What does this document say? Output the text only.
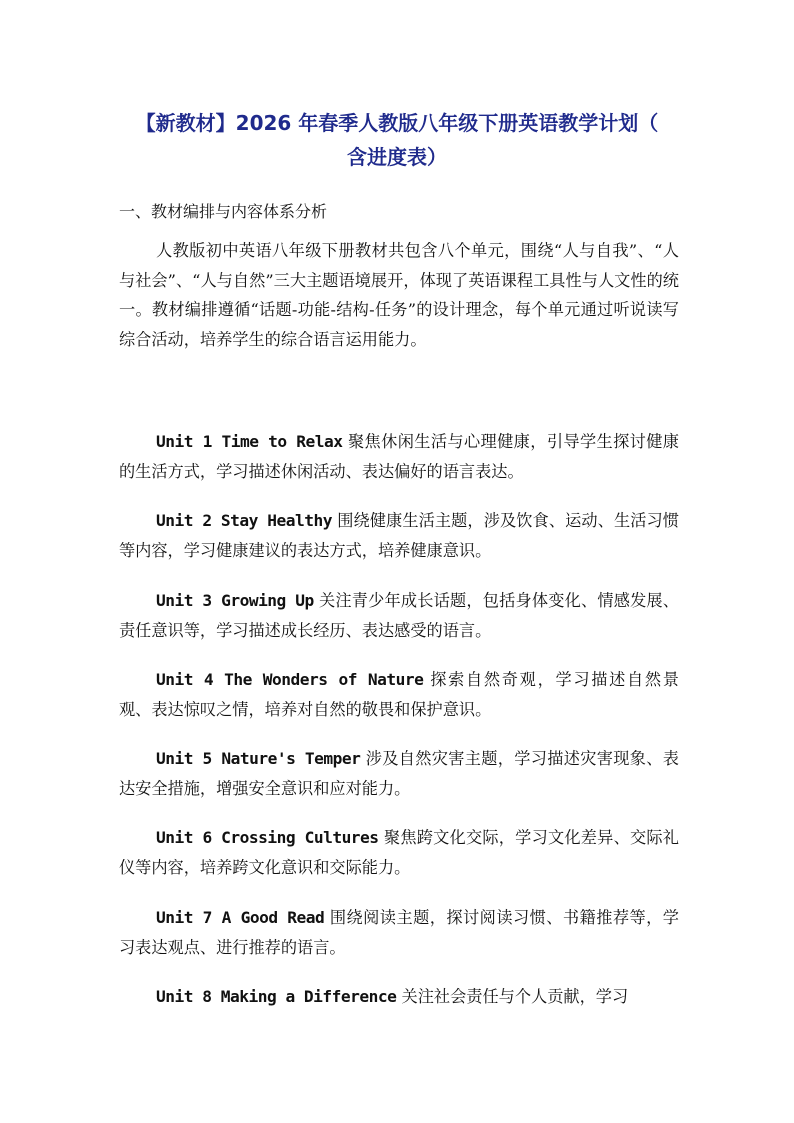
【新教材】2026 年春季人教版八年级下册英语教学计划（
含进度表）

一、教材编排与内容体系分析

人教版初中英语八年级下册教材共包含八个单元，围绕“人与自我”、“人与社会”、“人与自然”三大主题语境展开，体现了英语课程工具性与人文性的统一。教材编排遵循“话题-功能-结构-任务”的设计理念，每个单元通过听说读写综合活动，培养学生的综合语言运用能力。

Unit 1 Time to Relax 聚焦休闲生活与心理健康，引导学生探讨健康的生活方式，学习描述休闲活动、表达偏好的语言表达。

Unit 2 Stay Healthy 围绕健康生活主题，涉及饮食、运动、生活习惯等内容，学习健康建议的表达方式，培养健康意识。

Unit 3 Growing Up 关注青少年成长话题，包括身体变化、情感发展、责任意识等，学习描述成长经历、表达感受的语言。

Unit 4 The Wonders of Nature 探索自然奇观，学习描述自然景观、表达惊叹之情，培养对自然的敬畏和保护意识。

Unit 5 Nature's Temper 涉及自然灾害主题，学习描述灾害现象、表达安全措施，增强安全意识和应对能力。

Unit 6 Crossing Cultures 聚焦跨文化交际，学习文化差异、交际礼仪等内容，培养跨文化意识和交际能力。

Unit 7 A Good Read 围绕阅读主题，探讨阅读习惯、书籍推荐等，学习表达观点、进行推荐的语言。

Unit 8 Making a Difference 关注社会责任与个人贡献，学习
